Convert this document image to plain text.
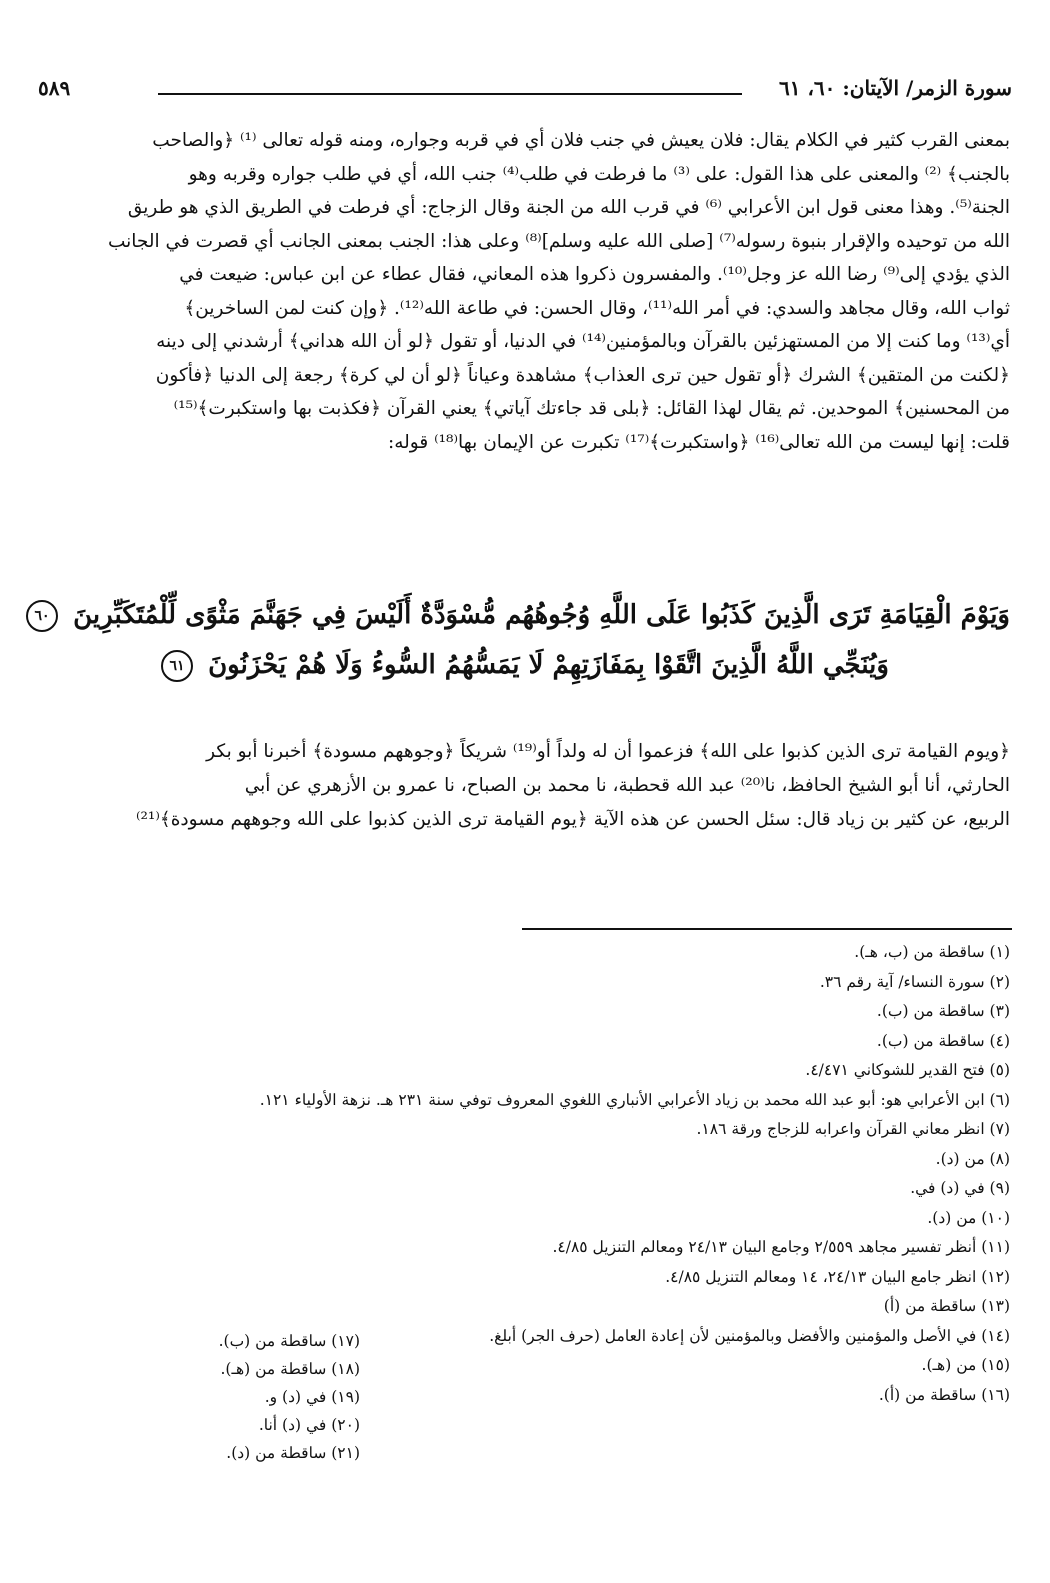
سورة الزمر/ الآيتان: ٦٠، ٦١
٥٨٩
بمعنى القرب كثير في الكلام يقال: فلان يعيش في جنب فلان أي في قربه وجواره، ومنه قوله تعالى ⁽¹⁾ ﴿والصاحب
بالجنب﴾ ⁽²⁾ والمعنى على هذا القول: على ⁽³⁾ ما فرطت في طلب⁽⁴⁾ جنب الله، أي في طلب جواره وقربه وهو
الجنة⁽⁵⁾. وهذا معنى قول ابن الأعرابي ⁽⁶⁾ في قرب الله من الجنة وقال الزجاج: أي فرطت في الطريق الذي هو طريق
الله من توحيده والإقرار بنبوة رسوله⁽⁷⁾ [صلى الله عليه وسلم]⁽⁸⁾ وعلى هذا: الجنب بمعنى الجانب أي قصرت في الجانب
الذي يؤدي إلى⁽⁹⁾ رضا الله عز وجل⁽¹⁰⁾. والمفسرون ذكروا هذه المعاني، فقال عطاء عن ابن عباس: ضيعت في
ثواب الله، وقال مجاهد والسدي: في أمر الله⁽¹¹⁾، وقال الحسن: في طاعة الله⁽¹²⁾. ﴿وإن كنت لمن الساخرين﴾
أي⁽¹³⁾ وما كنت إلا من المستهزئين بالقرآن وبالمؤمنين⁽¹⁴⁾ في الدنيا، أو تقول ﴿لو أن الله هداني﴾ أرشدني إلى دينه
﴿لكنت من المتقين﴾ الشرك ﴿أو تقول حين ترى العذاب﴾ مشاهدة وعياناً ﴿لو أن لي كرة﴾ رجعة إلى الدنيا ﴿فأكون
من المحسنين﴾ الموحدين. ثم يقال لهذا القائل: ﴿بلى قد جاءتك آياتي﴾ يعني القرآن ﴿فكذبت بها واستكبرت﴾⁽¹⁵⁾
قلت: إنها ليست من الله تعالى⁽¹⁶⁾ ﴿واستكبرت﴾⁽¹⁷⁾ تكبرت عن الإيمان بها⁽¹⁸⁾ قوله:
وَيَوْمَ الْقِيَامَةِ تَرَى الَّذِينَ كَذَبُوا عَلَى اللَّهِ وُجُوهُهُم مُّسْوَدَّةٌ أَلَيْسَ فِي جَهَنَّمَ مَثْوًى لِّلْمُتَكَبِّرِينَ ٦٠
وَيُنَجِّي اللَّهُ الَّذِينَ اتَّقَوْا بِمَفَازَتِهِمْ لَا يَمَسُّهُمُ السُّوءُ وَلَا هُمْ يَحْزَنُونَ ٦١
﴿ويوم القيامة ترى الذين كذبوا على الله﴾ فزعموا أن له ولداً أو⁽¹⁹⁾ شريكاً ﴿وجوههم مسودة﴾ أخبرنا أبو بكر
الحارثي، أنا أبو الشيخ الحافظ، نا⁽²⁰⁾ عبد الله قحطبة، نا محمد بن الصباح، نا عمرو بن الأزهري عن أبي
الربيع، عن كثير بن زياد قال: سئل الحسن عن هذه الآية ﴿يوم القيامة ترى الذين كذبوا على الله وجوههم مسودة﴾⁽²¹⁾
(١) ساقطة من (ب، هـ).
(٢) سورة النساء/ آية رقم ٣٦.
(٣) ساقطة من (ب).
(٤) ساقطة من (ب).
(٥) فتح القدير للشوكاني ٤/٤٧١.
(٦) ابن الأعرابي هو: أبو عبد الله محمد بن زياد الأعرابي الأنباري اللغوي المعروف توفي سنة ٢٣١ هـ. نزهة الأولياء ١٢١.
(٧) انظر معاني القرآن واعرابه للزجاج ورقة ١٨٦.
(٨) من (د).
(٩) في (د) في.
(١٠) من (د).
(١١) أنظر تفسير مجاهد ٢/٥٥٩ وجامع البيان ٢٤/١٣ ومعالم التنزيل ٤/٨٥.
(١٢) انظر جامع البيان ٢٤/١٣، ١٤ ومعالم التنزيل ٤/٨٥.
(١٣) ساقطة من (أ)
(١٤) في الأصل والمؤمنين والأفضل وبالمؤمنين لأن إعادة العامل (حرف الجر) أبلغ.
(١٥) من (هـ).
(١٦) ساقطة من (أ).
(١٧) ساقطة من (ب).
(١٨) ساقطة من (هـ).
(١٩) في (د) و.
(٢٠) في (د) أنا.
(٢١) ساقطة من (د).
